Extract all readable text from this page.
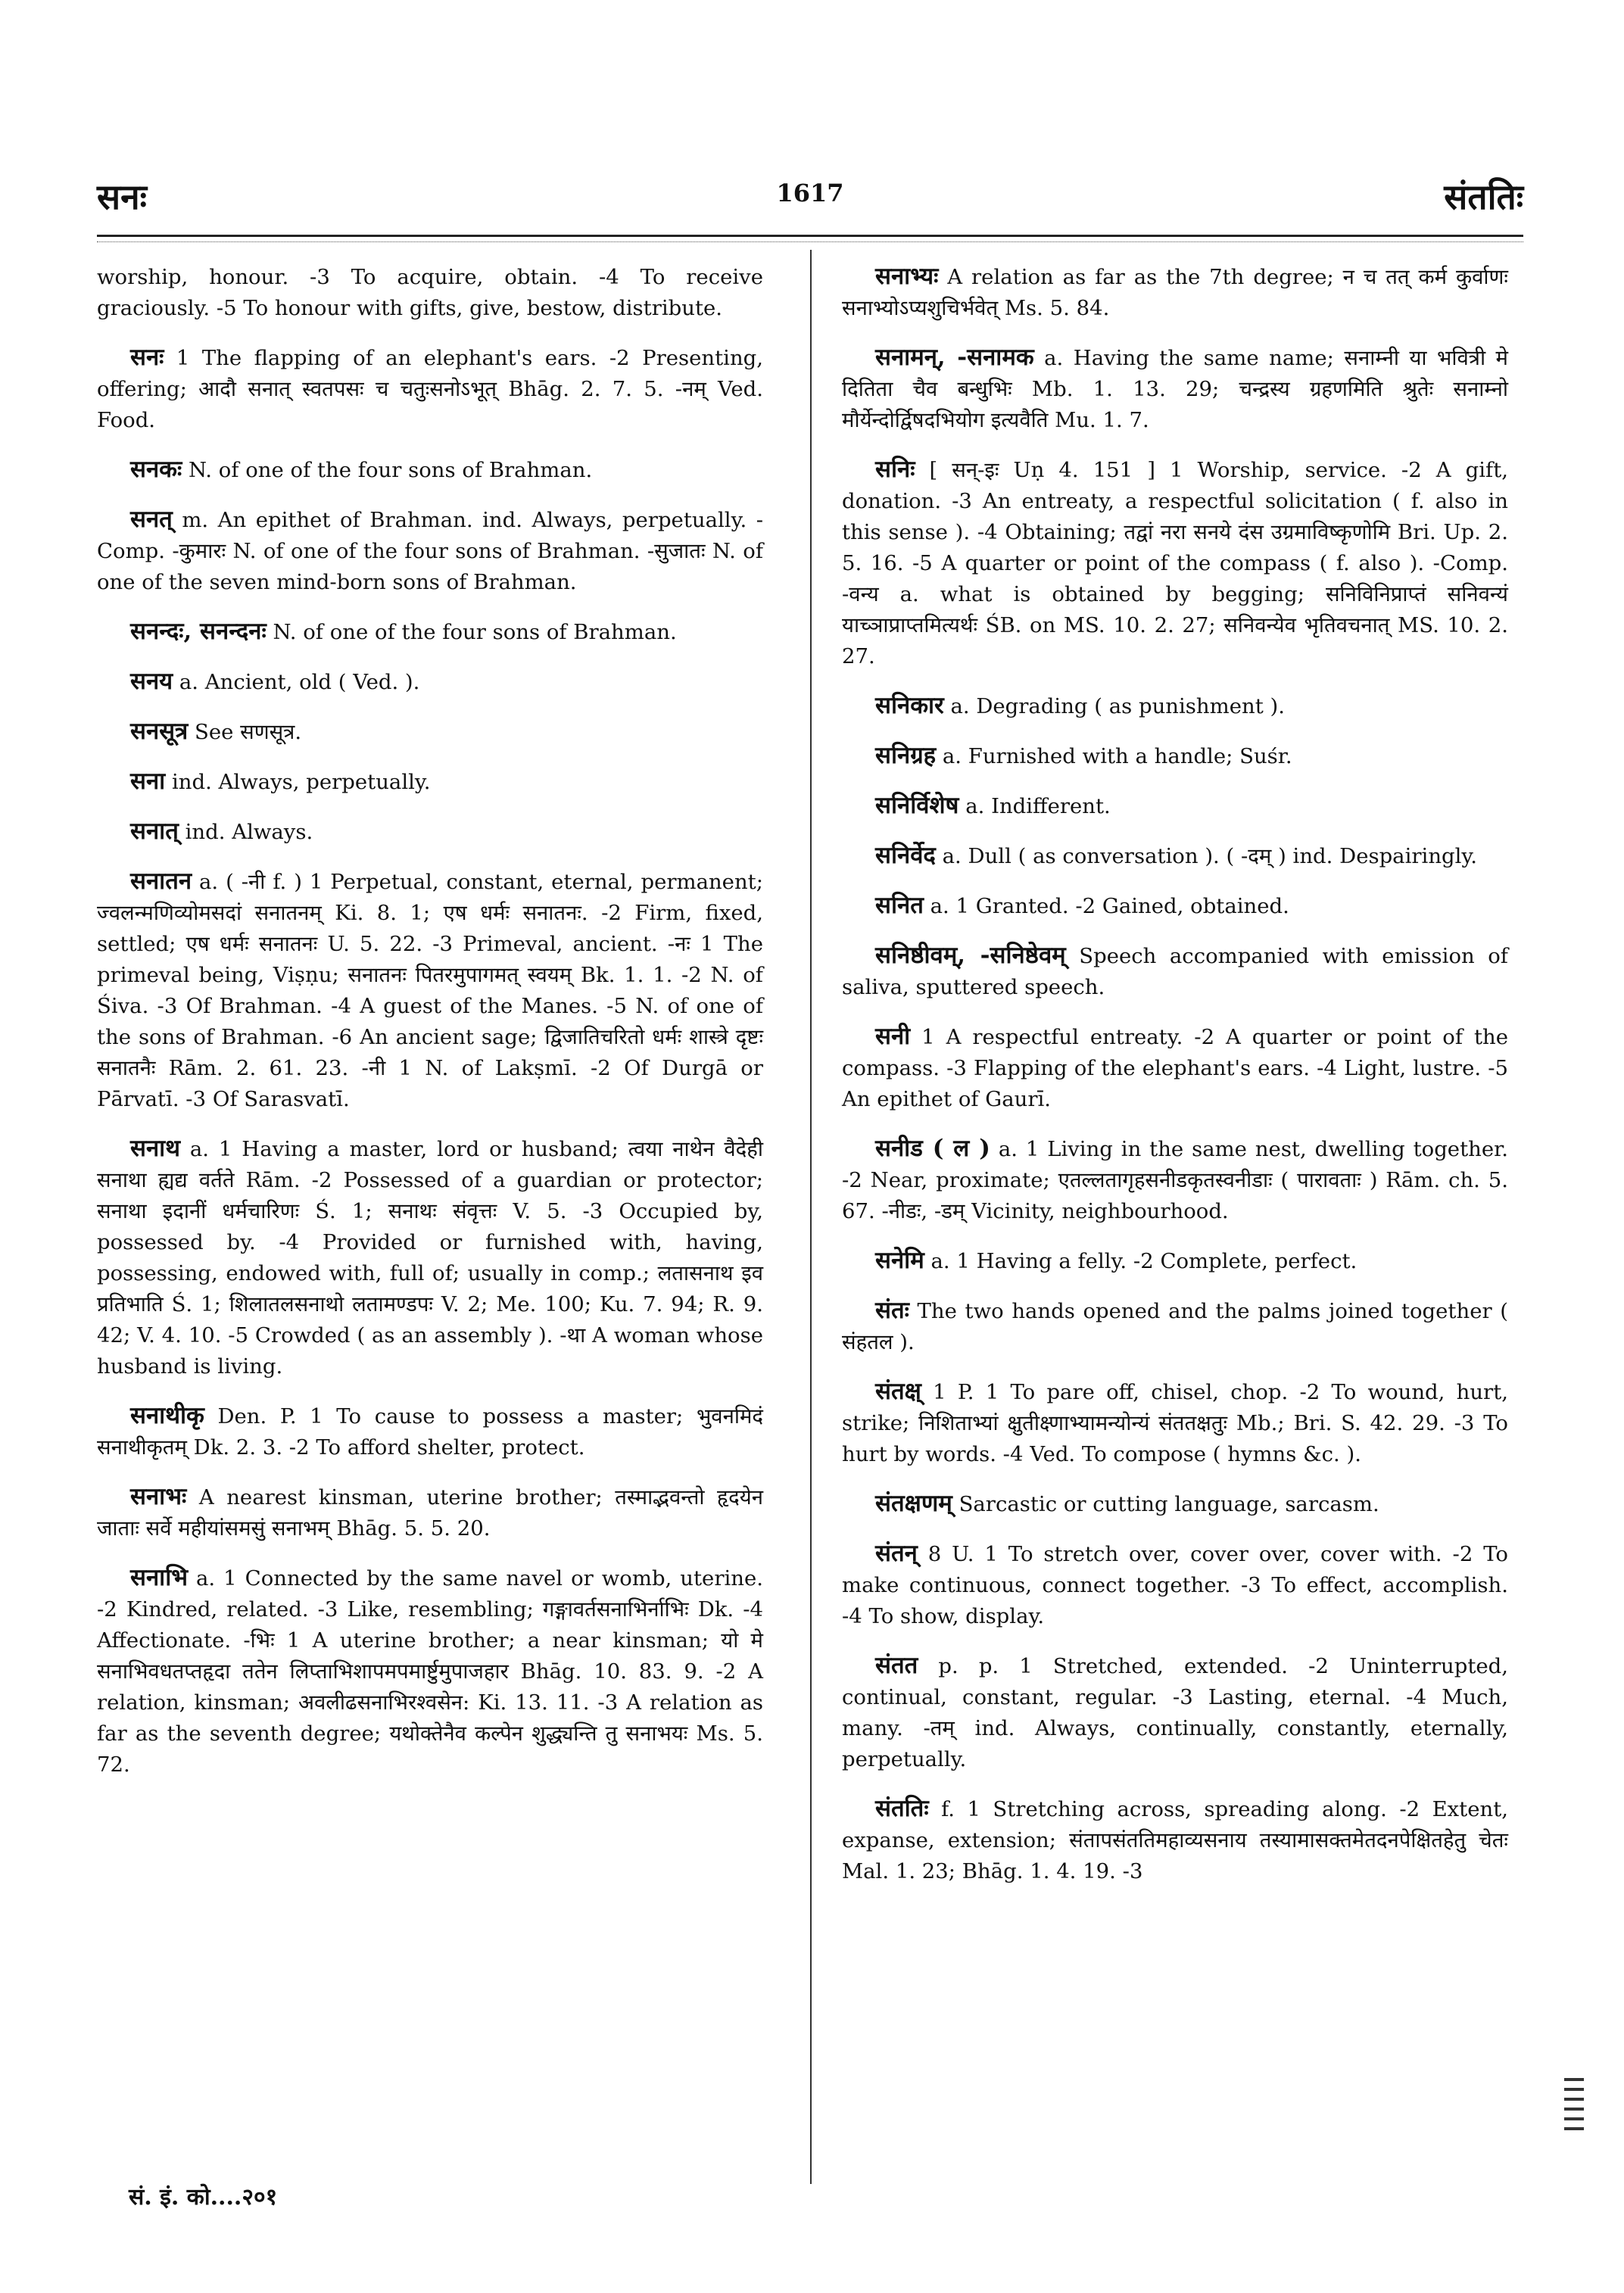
सनः	1617	संततिः

worship, honour. -3 To acquire, obtain. -4 To receive graciously. -5 To honour with gifts, give, bestow, distribute.

सनः 1 The flapping of an elephant's ears. -2 Presenting, offering; आदौ सनात् स्वतपसः च चतुःसनोऽभूत् Bhāg. 2. 7. 5. -नम् Ved. Food.

सनकः N. of one of the four sons of Brahman.

सनत् m. An epithet of Brahman. ind. Always, perpetually. -Comp. -कुमारः N. of one of the four sons of Brahman. -सुजातः N. of one of the seven mind-born sons of Brahman.

सनन्दः, सनन्दनः N. of one of the four sons of Brahman.

सनय a. Ancient, old ( Ved. ).

सनसूत्र See सणसूत्र.

सना ind. Always, perpetually.

सनात् ind. Always.

सनातन a. ( -नी f. ) 1 Perpetual, constant, eternal, permanent; ज्वलन्मणिव्योमसदां सनातनम् Ki. 8. 1; एष धर्मः सनातनः. -2 Firm, fixed, settled; एष धर्मः सनातनः U. 5. 22. -3 Primeval, ancient. -नः 1 The primeval being, Viṣṇu; सनातनः पितरमुपागमत् स्वयम् Bk. 1. 1. -2 N. of Śiva. -3 Of Brahman. -4 A guest of the Manes. -5 N. of one of the sons of Brahman. -6 An ancient sage; द्विजातिचरितो धर्मः शास्त्रे दृष्टः सनातनैः Rām. 2. 61. 23. -नी 1 N. of Lakṣmī. -2 Of Durgā or Pārvatī. -3 Of Sarasvatī.

सनाथ a. 1 Having a master, lord or husband; त्वया नाथेन वैदेही सनाथा ह्यद्य वर्तते Rām. -2 Possessed of a guardian or protector; सनाथा इदानीं धर्मचारिणः Ś. 1; सनाथः संवृत्तः V. 5. -3 Occupied by, possessed by. -4 Provided or furnished with, having, possessing, endowed with, full of; usually in comp.; लतासनाथ इव प्रतिभाति Ś. 1; शिलातलसनाथो लतामण्डपः V. 2; Me. 100; Ku. 7. 94; R. 9. 42; V. 4. 10. -5 Crowded ( as an assembly ). -था A woman whose husband is living.

सनाथीकृ Den. P. 1 To cause to possess a master; भुवनमिदं सनाथीकृतम् Dk. 2. 3. -2 To afford shelter, protect.

सनाभः A nearest kinsman, uterine brother; तस्माद्भवन्तो हृदयेन जाताः सर्वे महीयांसमसुं सनाभम् Bhāg. 5. 5. 20.

सनाभि a. 1 Connected by the same navel or womb, uterine. -2 Kindred, related. -3 Like, resembling; गङ्गावर्तसनाभिर्नाभिः Dk. -4 Affectionate. -भिः 1 A uterine brother; a near kinsman; यो मे सनाभिवधतप्तहृदा ततेन लिप्ताभिशापमपमार्ष्टुमुपाजहार Bhāg. 10. 83. 9. -2 A relation, kinsman; अवलीढसनाभिरश्वसेन: Ki. 13. 11. -3 A relation as far as the seventh degree; यथोक्तेनैव कल्पेन शुद्ध्यन्ति तु सनाभयः Ms. 5. 72.

सनाभ्यः A relation as far as the 7th degree; न च तत् कर्म कुर्वाणः सनाभ्योऽप्यशुचिर्भवेत् Ms. 5. 84.

सनामन्, -सनामक a. Having the same name; सनाम्नी या भवित्री मे दितिता चैव बन्धुभिः Mb. 1. 13. 29; चन्द्रस्य ग्रहणमिति श्रुतेः सनाम्नो मौर्येन्दोर्द्विषदभियोग इत्यवैति Mu. 1. 7.

सनिः [ सन्-इः Uṇ 4. 151 ] 1 Worship, service. -2 A gift, donation. -3 An entreaty, a respectful solicitation ( f. also in this sense ). -4 Obtaining; तद्वां नरा सनये दंस उग्रमाविष्कृणोमि Bri. Up. 2. 5. 16. -5 A quarter or point of the compass ( f. also ). -Comp. -वन्य a. what is obtained by begging; सनिविनिप्राप्तं सनिवन्यं याच्ञाप्राप्तमित्यर्थः ŚB. on MS. 10. 2. 27; सनिवन्येव भृतिवचनात् MS. 10. 2. 27.

सनिकार a. Degrading ( as punishment ).

सनिग्रह a. Furnished with a handle; Suśr.

सनिर्विशेष a. Indifferent.

सनिर्वेद a. Dull ( as conversation ). ( -दम् ) ind. Despairingly.

सनित a. 1 Granted. -2 Gained, obtained.

सनिष्ठीवम्, -सनिष्ठेवम् Speech accompanied with emission of saliva, sputtered speech.

सनी 1 A respectful entreaty. -2 A quarter or point of the compass. -3 Flapping of the elephant's ears. -4 Light, lustre. -5 An epithet of Gaurī.

सनीड ( ल ) a. 1 Living in the same nest, dwelling together. -2 Near, proximate; एतल्लतागृहसनीडकृतस्वनीडाः ( पारावताः ) Rām. ch. 5. 67. -नीडः, -डम् Vicinity, neighbourhood.

सनेमि a. 1 Having a felly. -2 Complete, perfect.

संतः The two hands opened and the palms joined together ( संहतल ).

संतक्ष् 1 P. 1 To pare off, chisel, chop. -2 To wound, hurt, strike; निशिताभ्यां क्षुतीक्ष्णाभ्यामन्योन्यं संततक्षतुः Mb.; Bri. S. 42. 29. -3 To hurt by words. -4 Ved. To compose ( hymns &c. ).

संतक्षणम् Sarcastic or cutting language, sarcasm.

संतन् 8 U. 1 To stretch over, cover over, cover with. -2 To make continuous, connect together. -3 To effect, accomplish. -4 To show, display.

संतत p. p. 1 Stretched, extended. -2 Uninterrupted, continual, constant, regular. -3 Lasting, eternal. -4 Much, many. -तम् ind. Always, continually, constantly, eternally, perpetually.

संततिः f. 1 Stretching across, spreading along. -2 Extent, expanse, extension; संतापसंततिमहाव्यसनाय तस्यामासक्तमेतदनपेक्षितहेतु चेतः Mal. 1. 23; Bhāg. 1. 4. 19. -3

सं. इं. को....२०१
